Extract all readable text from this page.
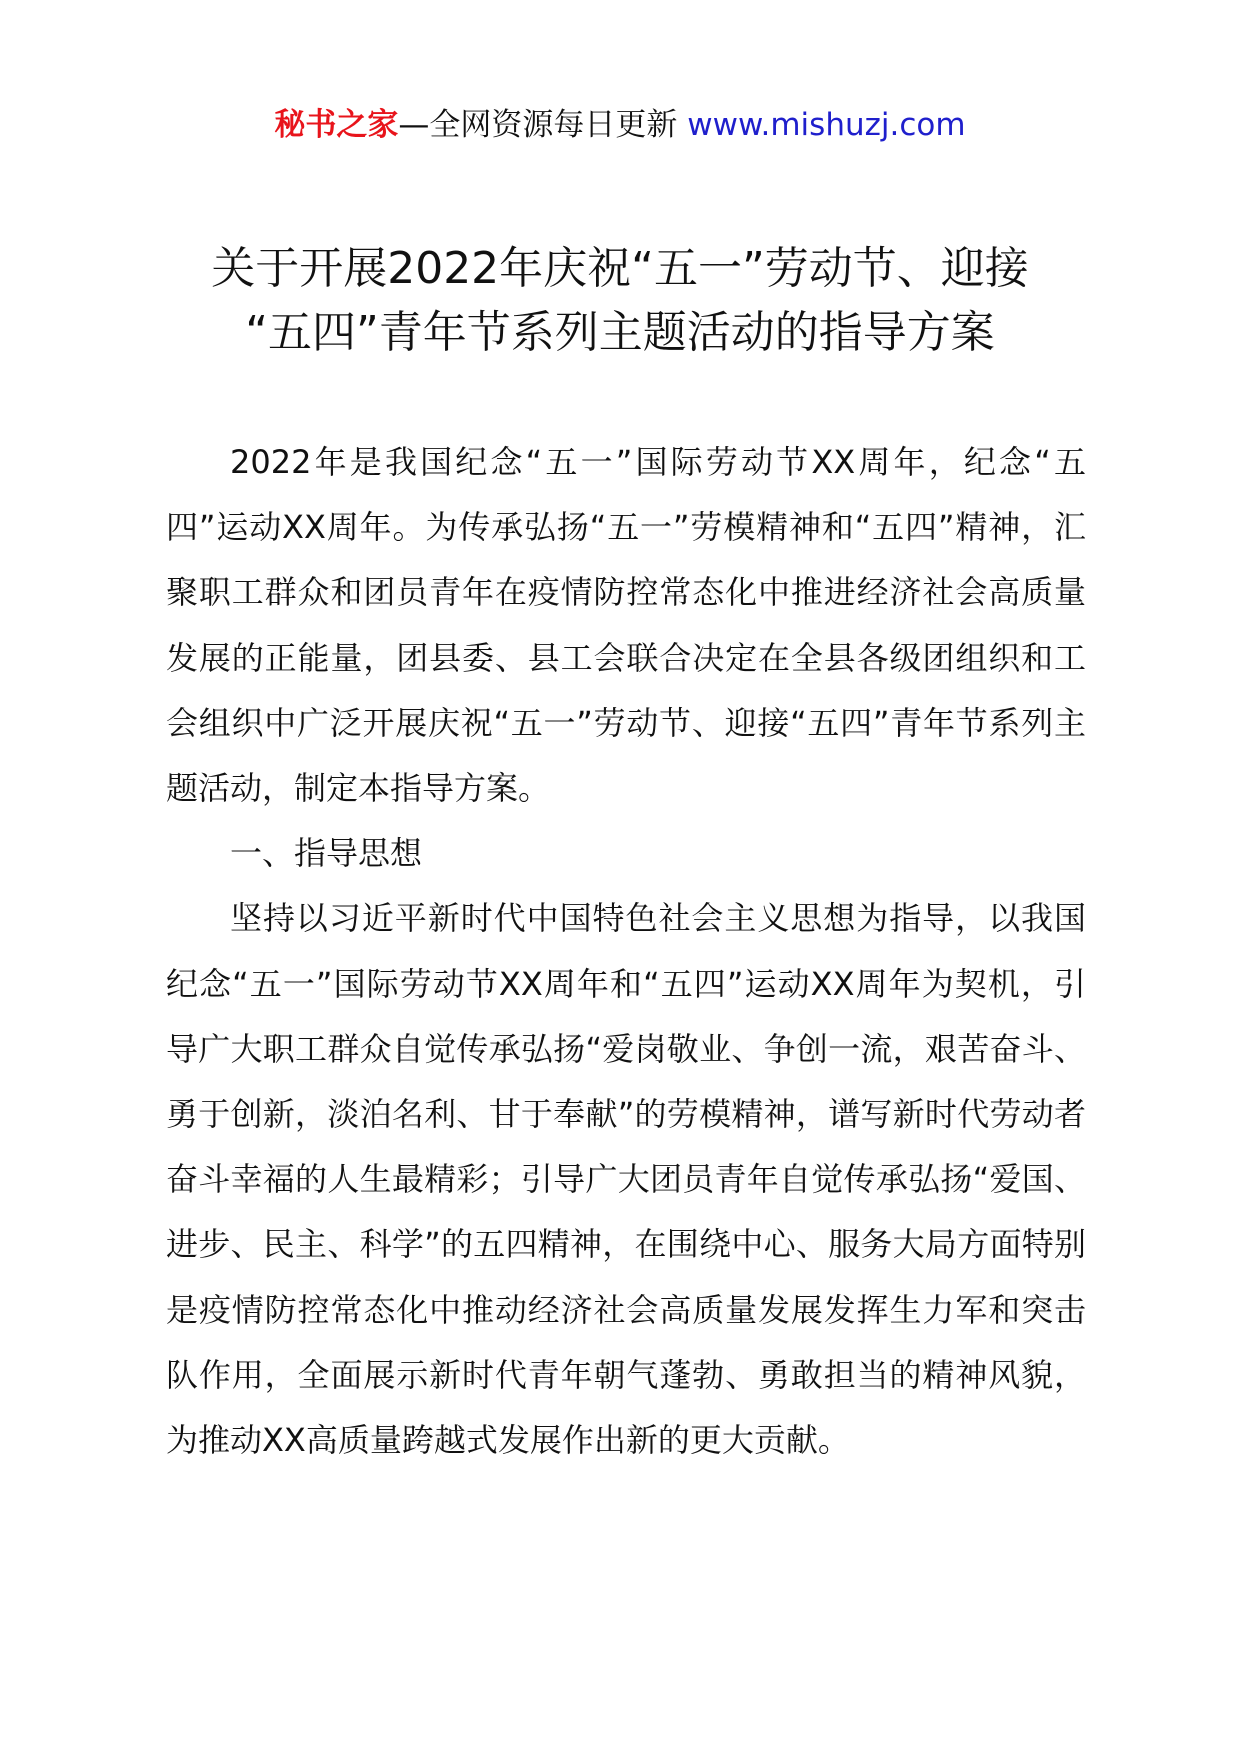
秘书之家—全网资源每日更新 www.mishuzj.com
关于开展2022年庆祝“五一”劳动节、迎接
“五四”青年节系列主题活动的指导方案

2022年是我国纪念“五一”国际劳动节XX周年，纪念“五四”运动XX周年。为传承弘扬“五一”劳模精神和“五四”精神，汇聚职工群众和团员青年在疫情防控常态化中推进经济社会高质量发展的正能量，团县委、县工会联合决定在全县各级团组织和工会组织中广泛开展庆祝“五一”劳动节、迎接“五四”青年节系列主题活动，制定本指导方案。

一、指导思想

坚持以习近平新时代中国特色社会主义思想为指导，以我国纪念“五一”国际劳动节XX周年和“五四”运动XX周年为契机，引导广大职工群众自觉传承弘扬“爱岗敬业、争创一流，艰苦奋斗、勇于创新，淡泊名利、甘于奉献”的劳模精神，谱写新时代劳动者奋斗幸福的人生最精彩；引导广大团员青年自觉传承弘扬“爱国、进步、民主、科学”的五四精神，在围绕中心、服务大局方面特别是疫情防控常态化中推动经济社会高质量发展发挥生力军和突击队作用，全面展示新时代青年朝气蓬勃、勇敢担当的精神风貌，为推动XX高质量跨越式发展作出新的更大贡献。
